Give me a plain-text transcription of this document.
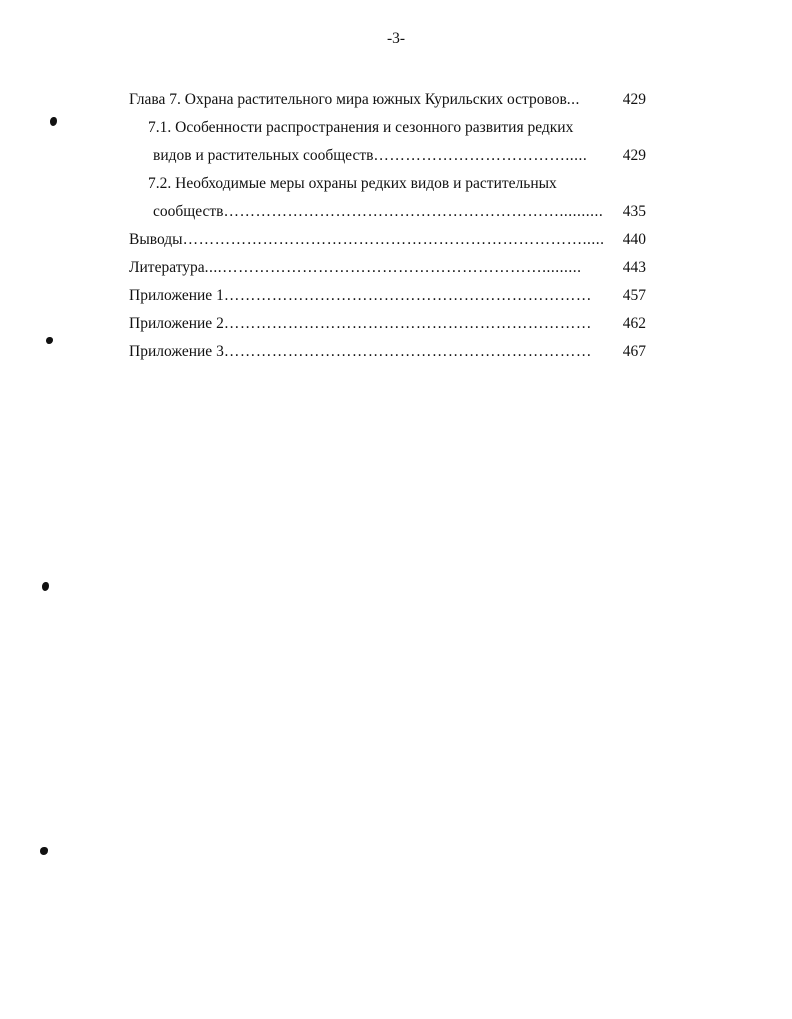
-3-
Глава 7. Охрана растительного мира южных Курильских островов...	429
7.1. Особенности распространения и сезонного развития редких
видов и растительных сообществ………………………………..... 429
7.2. Необходимые меры охраны редких видов и растительных
сообществ……………………………………………………….......... 435
Выводы…………………………………………………………………..... 440
Литература....…………………………………………………….........	443
Приложение 1…………………………………………………………… 457
Приложение 2…………………………………………………………… 462
Приложение 3…………………………………………………………… 467
